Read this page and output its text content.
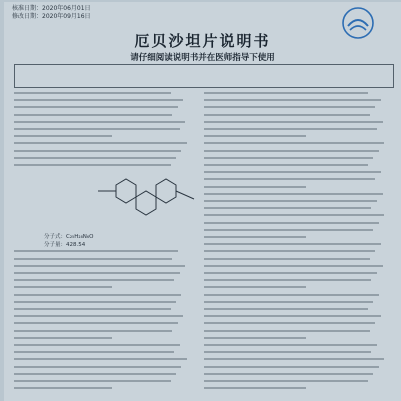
核准日期：2020年06月01日
修改日期：2020年09月16日
厄贝沙坦片说明书
请仔细阅读说明书并在医师指导下使用
分子式：C₂₅H₂₈N₆O
分子量：428.54
